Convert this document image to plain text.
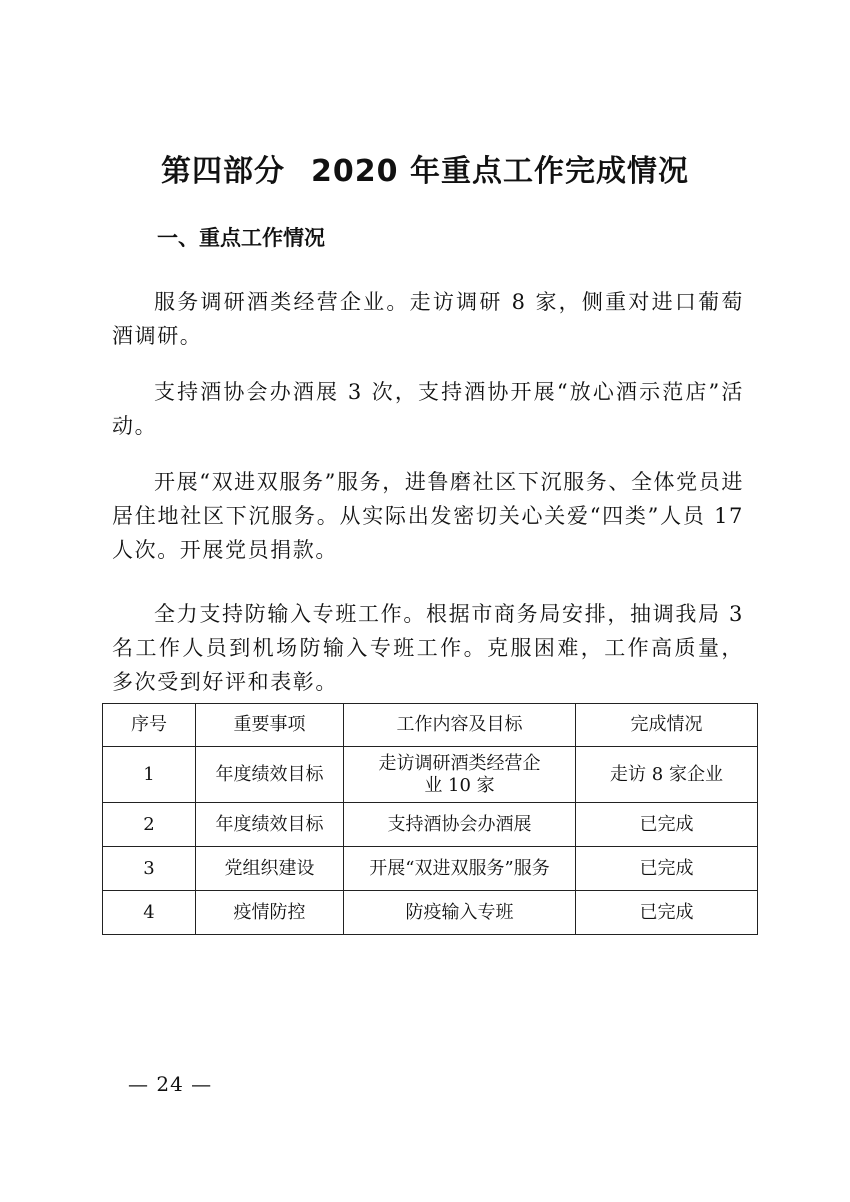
第四部分 2020 年重点工作完成情况
一、重点工作情况

服务调研酒类经营企业。走访调研 8 家，侧重对进口葡萄酒调研。

支持酒协会办酒展 3 次，支持酒协开展“放心酒示范店”活动。

开展“双进双服务”服务，进鲁磨社区下沉服务、全体党员进居住地社区下沉服务。从实际出发密切关心关爱“四类”人员 17 人次。开展党员捐款。

全力支持防输入专班工作。根据市商务局安排，抽调我局 3 名工作人员到机场防输入专班工作。克服困难，工作高质量，多次受到好评和表彰。

序号	重要事项	工作内容及目标	完成情况
1	年度绩效目标	走访调研酒类经营企业 10 家	走访 8 家企业
2	年度绩效目标	支持酒协会办酒展	已完成
3	党组织建设	开展“双进双服务”服务	已完成
4	疫情防控	防疫输入专班	已完成
— 24 —
